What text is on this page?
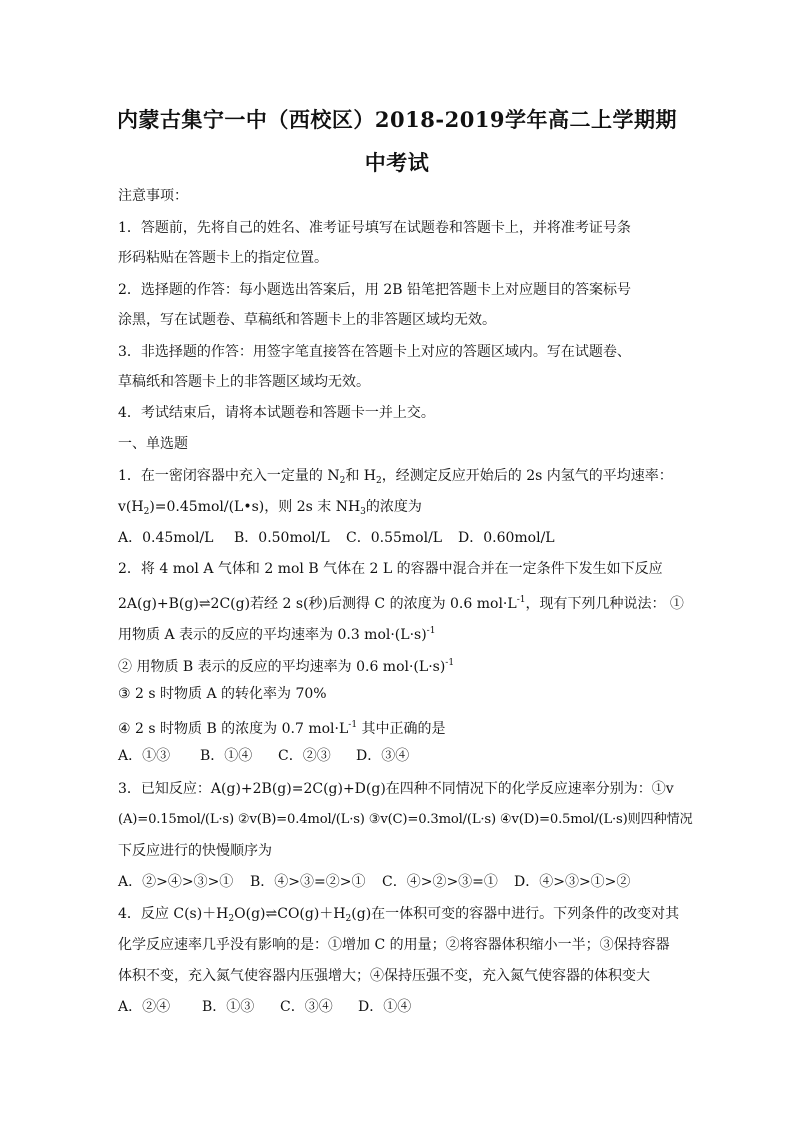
内蒙古集宁一中（西校区）2018-2019学年高二上学期期
中考试
注意事项：
1．答题前，先将自己的姓名、准考证号填写在试题卷和答题卡上，并将准考证号条
形码粘贴在答题卡上的指定位置。
2．选择题的作答：每小题选出答案后，用 2B 铅笔把答题卡上对应题目的答案标号
涂黑，写在试题卷、草稿纸和答题卡上的非答题区域均无效。
3．非选择题的作答：用签字笔直接答在答题卡上对应的答题区域内。写在试题卷、
草稿纸和答题卡上的非答题区域均无效。
4．考试结束后，请将本试题卷和答题卡一并上交。
一、单选题
1．在一密闭容器中充入一定量的 $N_2$和 $H_2$，经测定反应开始后的 2s 内氢气的平均速率：
$v(H_2)=0.45mol/(L•s)$，则 2s 末 $NH_3$的浓度为
A．0.45mol/L B．0.50mol/L C．0.55mol/L D．0.60mol/L
2．将 4 mol A 气体和 2 mol B 气体在 2 L 的容器中混合并在一定条件下发生如下反应
2A(g)+B(g)⇌2C(g)若经 2 s(秒)后测得 C 的浓度为 0.6 $mol\cdot L^{-1}$，现有下列几种说法： ①
用物质 A 表示的反应的平均速率为 0.3 $mol\cdot(L\cdot s)^{-1}$
② 用物质 B 表示的反应的平均速率为 0.6 $mol\cdot(L\cdot s)^{-1}$
③ 2 s 时物质 A 的转化率为 70%
④ 2 s 时物质 B 的浓度为 0.7 $mol\cdot L^{-1}$ 其中正确的是
A．①③ B．①④ C．②③ D．③④
3．已知反应：A(g)+2B(g)=2C(g)+D(g)在四种不同情况下的化学反应速率分别为：①v
(A)=0.15mol/(L·s) ②v(B)=0.4mol/(L·s) ③v(C)=0.3mol/(L·s) ④v(D)=0.5mol/(L·s)则四种情况
下反应进行的快慢顺序为
A．②>④>③>① B．④>③=②>① C．④>②>③=① D．④>③>①>②
4．反应 $C(s)+H_2O(g)\rightleftharpoons CO(g)+H_2(g)$在一体积可变的容器中进行。下列条件的改变对其
化学反应速率几乎没有影响的是：①增加 C 的用量；②将容器体积缩小一半；③保持容器
体积不变，充入氮气使容器内压强增大；④保持压强不变，充入氮气使容器的体积变大
A．②④ B．①③ C．③④ D．①④
